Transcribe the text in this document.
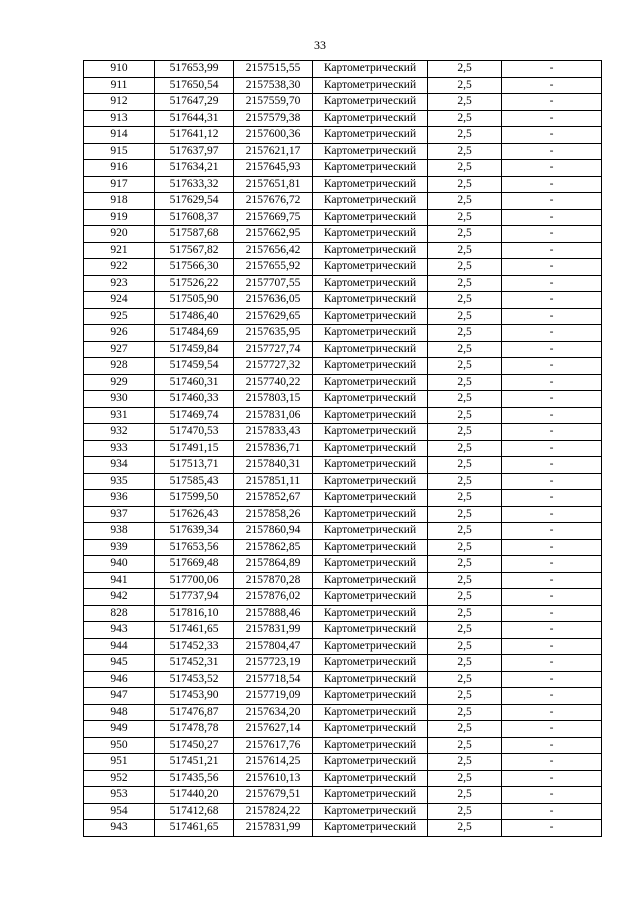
33
910	517653,99	2157515,55	Картометрический	2,5	-
911	517650,54	2157538,30	Картометрический	2,5	-
912	517647,29	2157559,70	Картометрический	2,5	-
913	517644,31	2157579,38	Картометрический	2,5	-
914	517641,12	2157600,36	Картометрический	2,5	-
915	517637,97	2157621,17	Картометрический	2,5	-
916	517634,21	2157645,93	Картометрический	2,5	-
917	517633,32	2157651,81	Картометрический	2,5	-
918	517629,54	2157676,72	Картометрический	2,5	-
919	517608,37	2157669,75	Картометрический	2,5	-
920	517587,68	2157662,95	Картометрический	2,5	-
921	517567,82	2157656,42	Картометрический	2,5	-
922	517566,30	2157655,92	Картометрический	2,5	-
923	517526,22	2157707,55	Картометрический	2,5	-
924	517505,90	2157636,05	Картометрический	2,5	-
925	517486,40	2157629,65	Картометрический	2,5	-
926	517484,69	2157635,95	Картометрический	2,5	-
927	517459,84	2157727,74	Картометрический	2,5	-
928	517459,54	2157727,32	Картометрический	2,5	-
929	517460,31	2157740,22	Картометрический	2,5	-
930	517460,33	2157803,15	Картометрический	2,5	-
931	517469,74	2157831,06	Картометрический	2,5	-
932	517470,53	2157833,43	Картометрический	2,5	-
933	517491,15	2157836,71	Картометрический	2,5	-
934	517513,71	2157840,31	Картометрический	2,5	-
935	517585,43	2157851,11	Картометрический	2,5	-
936	517599,50	2157852,67	Картометрический	2,5	-
937	517626,43	2157858,26	Картометрический	2,5	-
938	517639,34	2157860,94	Картометрический	2,5	-
939	517653,56	2157862,85	Картометрический	2,5	-
940	517669,48	2157864,89	Картометрический	2,5	-
941	517700,06	2157870,28	Картометрический	2,5	-
942	517737,94	2157876,02	Картометрический	2,5	-
828	517816,10	2157888,46	Картометрический	2,5	-
943	517461,65	2157831,99	Картометрический	2,5	-
944	517452,33	2157804,47	Картометрический	2,5	-
945	517452,31	2157723,19	Картометрический	2,5	-
946	517453,52	2157718,54	Картометрический	2,5	-
947	517453,90	2157719,09	Картометрический	2,5	-
948	517476,87	2157634,20	Картометрический	2,5	-
949	517478,78	2157627,14	Картометрический	2,5	-
950	517450,27	2157617,76	Картометрический	2,5	-
951	517451,21	2157614,25	Картометрический	2,5	-
952	517435,56	2157610,13	Картометрический	2,5	-
953	517440,20	2157679,51	Картометрический	2,5	-
954	517412,68	2157824,22	Картометрический	2,5	-
943	517461,65	2157831,99	Картометрический	2,5	-
